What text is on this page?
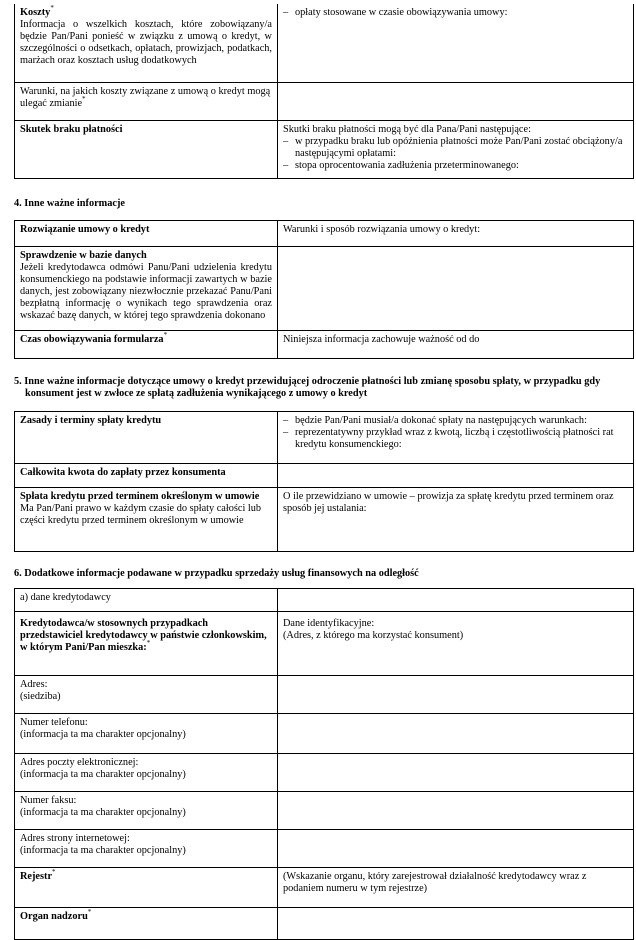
Koszty*
Informacja o wszelkich kosztach, które zobowiązany/a będzie Pan/Pani ponieść w związku z umową o kredyt, w szczególności o odsetkach, opłatach, prowizjach, podatkach, marżach oraz kosztach usług dodatkowych	– opłaty stosowane w czasie obowiązywania umowy:

Warunki, na jakich koszty związane z umową o kredyt mogą ulegać zmianie*

Skutek braku płatności	Skutki braku płatności mogą być dla Pana/Pani następujące:
– w przypadku braku lub opóźnienia płatności może Pan/Pani zostać obciążony/a następującymi opłatami:
– stopa oprocentowania zadłużenia przeterminowanego:
4. Inne ważne informacje
Rozwiązanie umowy o kredyt	Warunki i sposób rozwiązania umowy o kredyt:

Sprawdzenie w bazie danych
Jeżeli kredytodawca odmówi Panu/Pani udzielenia kredytu konsumenckiego na podstawie informacji zawartych w bazie danych, jest zobowiązany niezwłocznie przekazać Panu/Pani bezpłatną informację o wynikach tego sprawdzenia oraz wskazać bazę danych, w której tego sprawdzenia dokonano	

Czas obowiązywania formularza*	Niniejsza informacja zachowuje ważność od do
5. Inne ważne informacje dotyczące umowy o kredyt przewidującej odroczenie płatności lub zmianę sposobu spłaty, w przypadku gdy
konsument jest w zwłoce ze spłatą zadłużenia wynikającego z umowy o kredyt
Zasady i terminy spłaty kredytu	– będzie Pan/Pani musiał/a dokonać spłaty na następujących warunkach:
– reprezentatywny przykład wraz z kwotą, liczbą i częstotliwością płatności rat kredytu konsumenckiego:

Całkowita kwota do zapłaty przez konsumenta	

Spłata kredytu przed terminem określonym w umowie
Ma Pan/Pani prawo w każdym czasie do spłaty całości lub części kredytu przed terminem określonym w umowie	O ile przewidziano w umowie – prowizja za spłatę kredytu przed terminem oraz sposób jej ustalania:
6. Dodatkowe informacje podawane w przypadku sprzedaży usług finansowych na odległość
a) dane kredytodawcy	

Kredytodawca/w stosownych przypadkach przedstawiciel kredytodawcy w państwie członkowskim, w którym Pani/Pan mieszka:*	Dane identyfikacyjne:
(Adres, z którego ma korzystać konsument)

Adres:
(siedziba)	

Numer telefonu:
(informacja ta ma charakter opcjonalny)	

Adres poczty elektronicznej:
(informacja ta ma charakter opcjonalny)	

Numer faksu:
(informacja ta ma charakter opcjonalny)	

Adres strony internetowej:
(informacja ta ma charakter opcjonalny)	

Rejestr*	(Wskazanie organu, który zarejestrował działalność kredytodawcy wraz z podaniem numeru w tym rejestrze)

Organ nadzoru*
